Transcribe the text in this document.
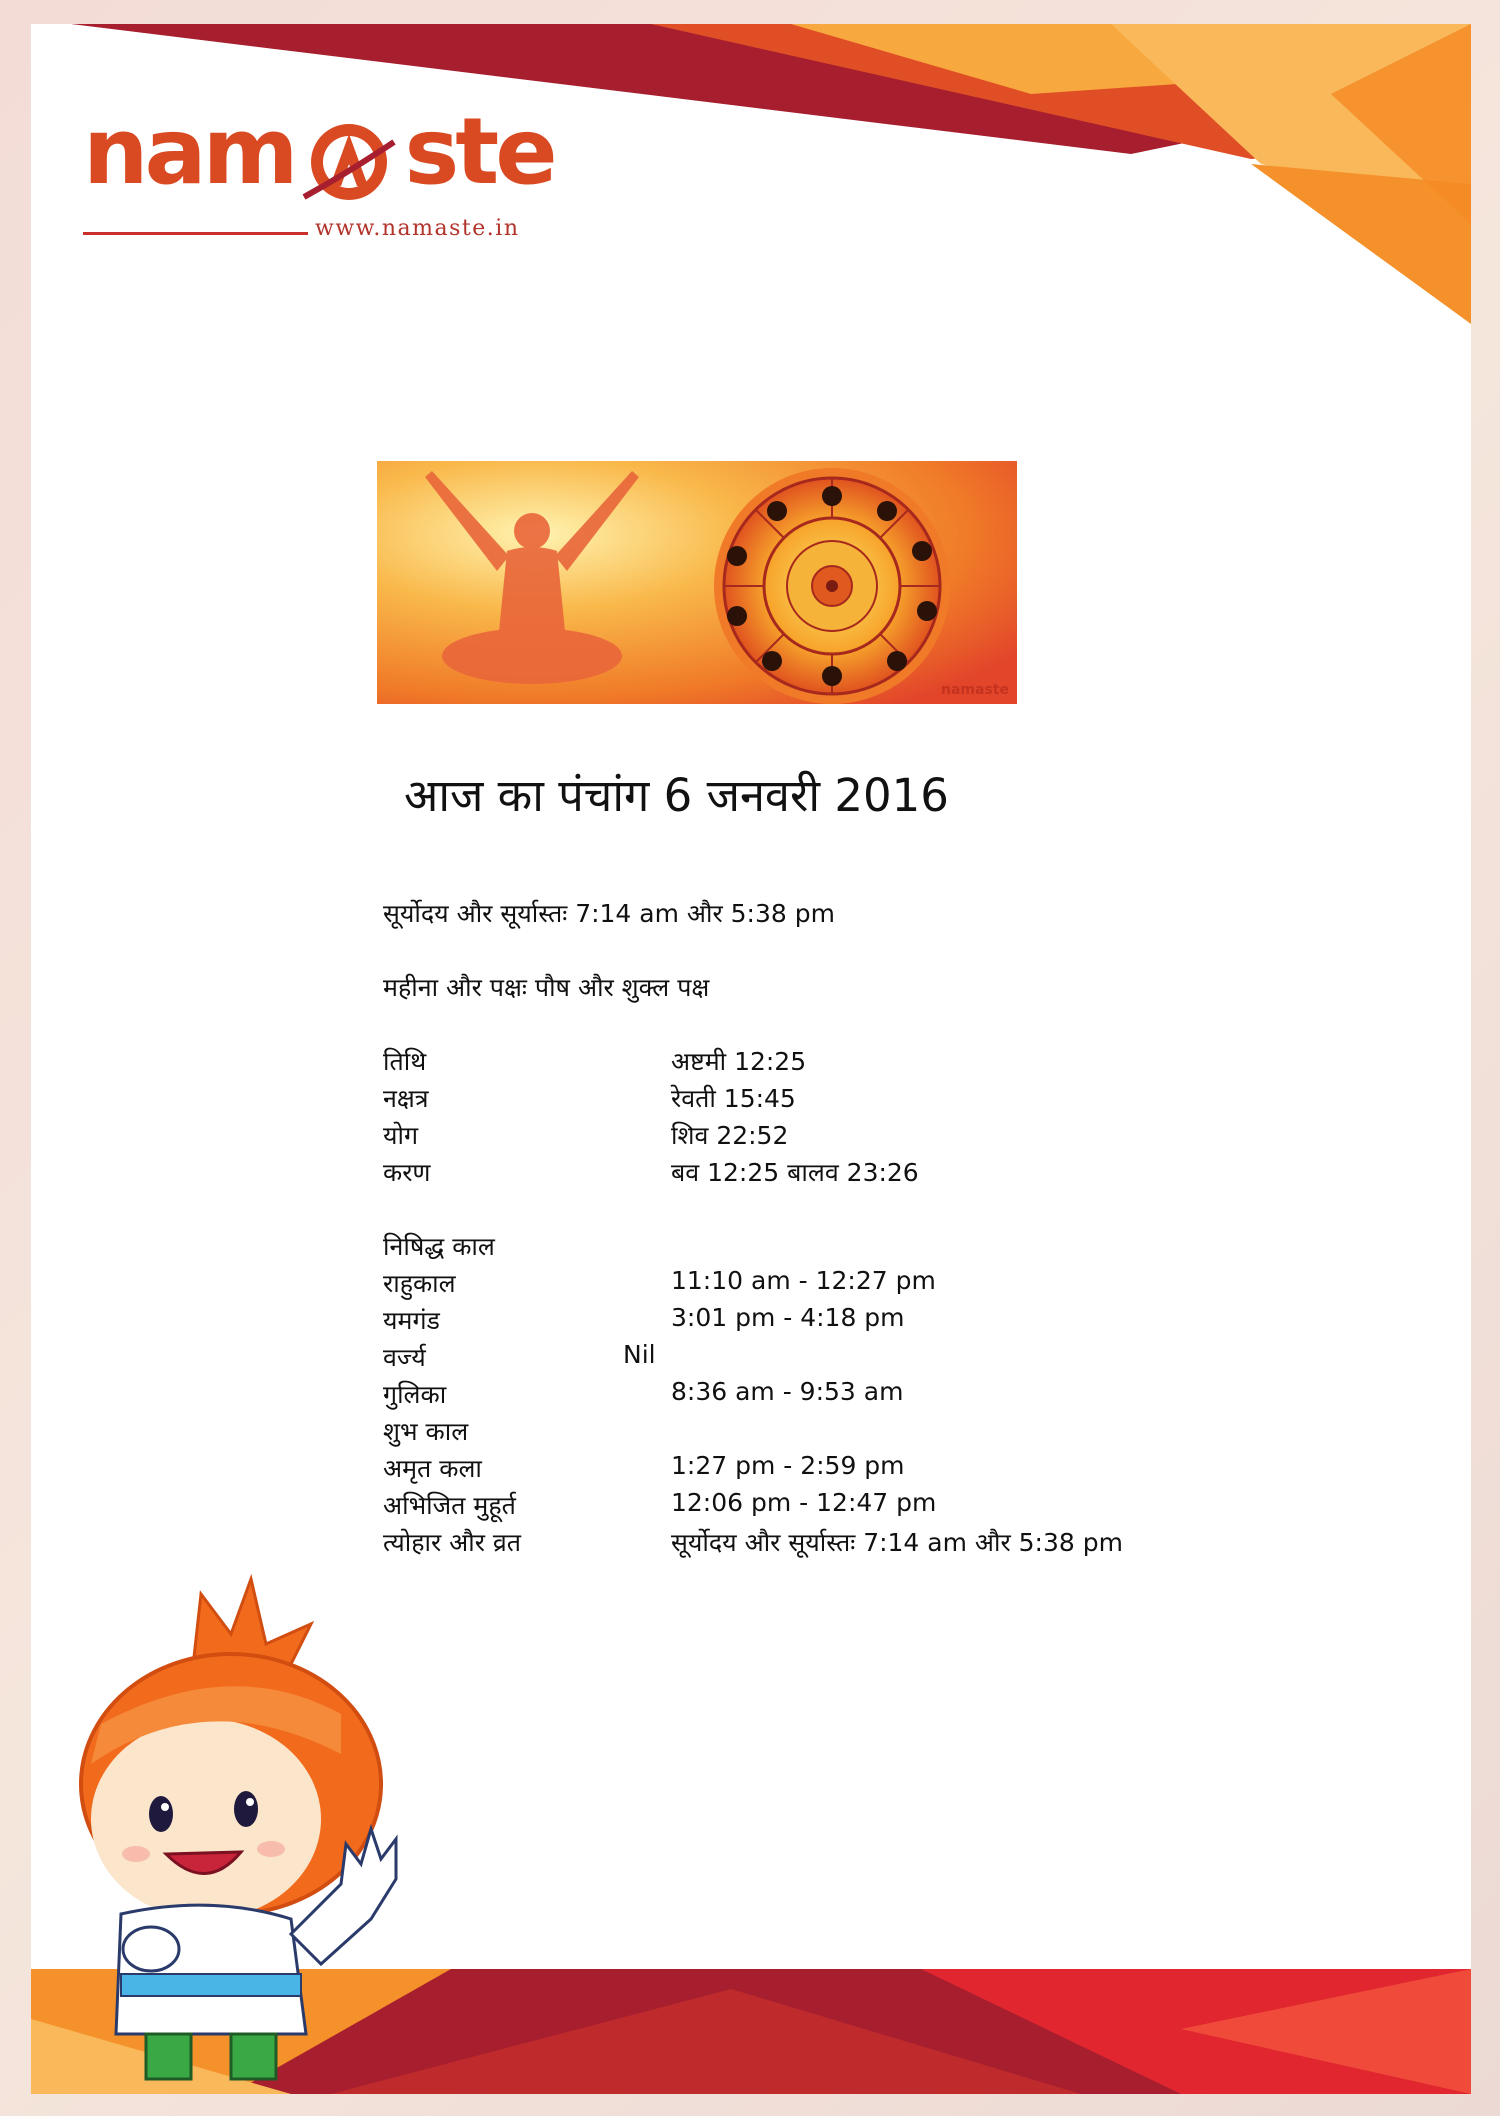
nam ste
www.namaste.in
namaste
आज का पंचांग 6 जनवरी 2016
सूर्योदय और सूर्यास्तः 7:14 am और 5:38 pm
महीना और पक्षः पौष और शुक्ल पक्ष
तिथि	अष्टमी 12:25
नक्षत्र	रेवती 15:45
योग	शिव 22:52
करण	बव 12:25 बालव 23:26
निषिद्ध काल
राहुकाल	11:10 am - 12:27 pm
यमगंड	3:01 pm - 4:18 pm
वर्ज्य	Nil
गुलिका	8:36 am - 9:53 am
शुभ काल
अमृत कला	1:27 pm - 2:59 pm
अभिजित मुहूर्त	12:06 pm - 12:47 pm
त्योहार और व्रत	सूर्योदय और सूर्यास्तः 7:14 am और 5:38 pm
